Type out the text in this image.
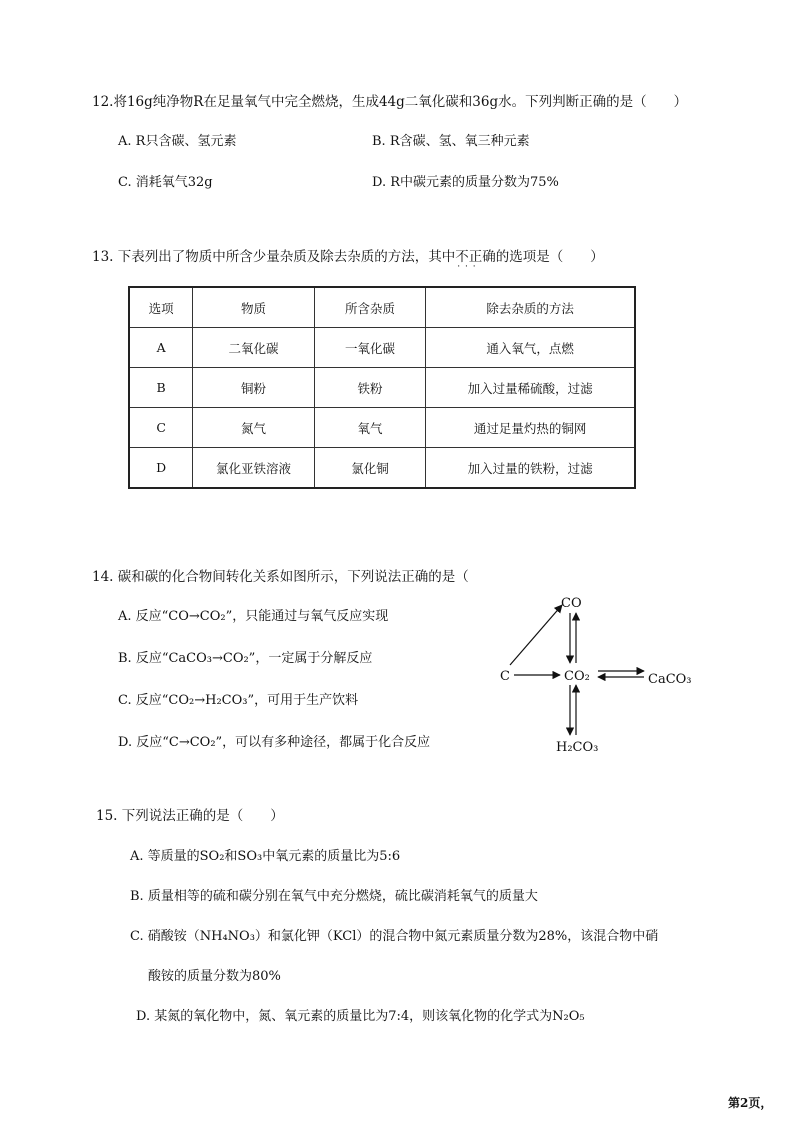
12.将16g纯净物R在足量氧气中完全燃烧，生成44g二氧化碳和36g水。下列判断正确的是（　　）
A. R只含碳、氢元素	B. R含碳、氢、氧三种元素
C. 消耗氧气32g	D. R中碳元素的质量分数为75%
13. 下表列出了物质中所含少量杂质及除去杂质的方法，其中不正确 · · ·的选项是（　　）
选项	物质	所含杂质	除去杂质的方法
A	二氧化碳	一氧化碳	通入氧气，点燃
B	铜粉	铁粉	加入过量稀硫酸，过滤
C	氮气	氧气	通过足量灼热的铜网
D	氯化亚铁溶液	氯化铜	加入过量的铁粉，过滤
14. 碳和碳的化合物间转化关系如图所示，下列说法正确的是（
A. 反应“CO→CO₂”，只能通过与氧气反应实现
B. 反应“CaCO₃→CO₂”，一定属于分解反应
C. 反应“CO₂→H₂CO₃”，可用于生产饮料
D. 反应“C→CO₂”，可以有多种途径，都属于化合反应
C
CO
CO₂	CaCO₃
H₂CO₃
15. 下列说法正确的是（　　）
A. 等质量的SO₂和SO₃中氧元素的质量比为5:6
B. 质量相等的硫和碳分别在氧气中充分燃烧，硫比碳消耗氧气的质量大
C. 硝酸铵（NH₄NO₃）和氯化钾（KCl）的混合物中氮元素质量分数为28%，该混合物中硝
酸铵的质量分数为80%
D. 某氮的氧化物中，氮、氧元素的质量比为7:4，则该氧化物的化学式为N₂O₅
第2页，
